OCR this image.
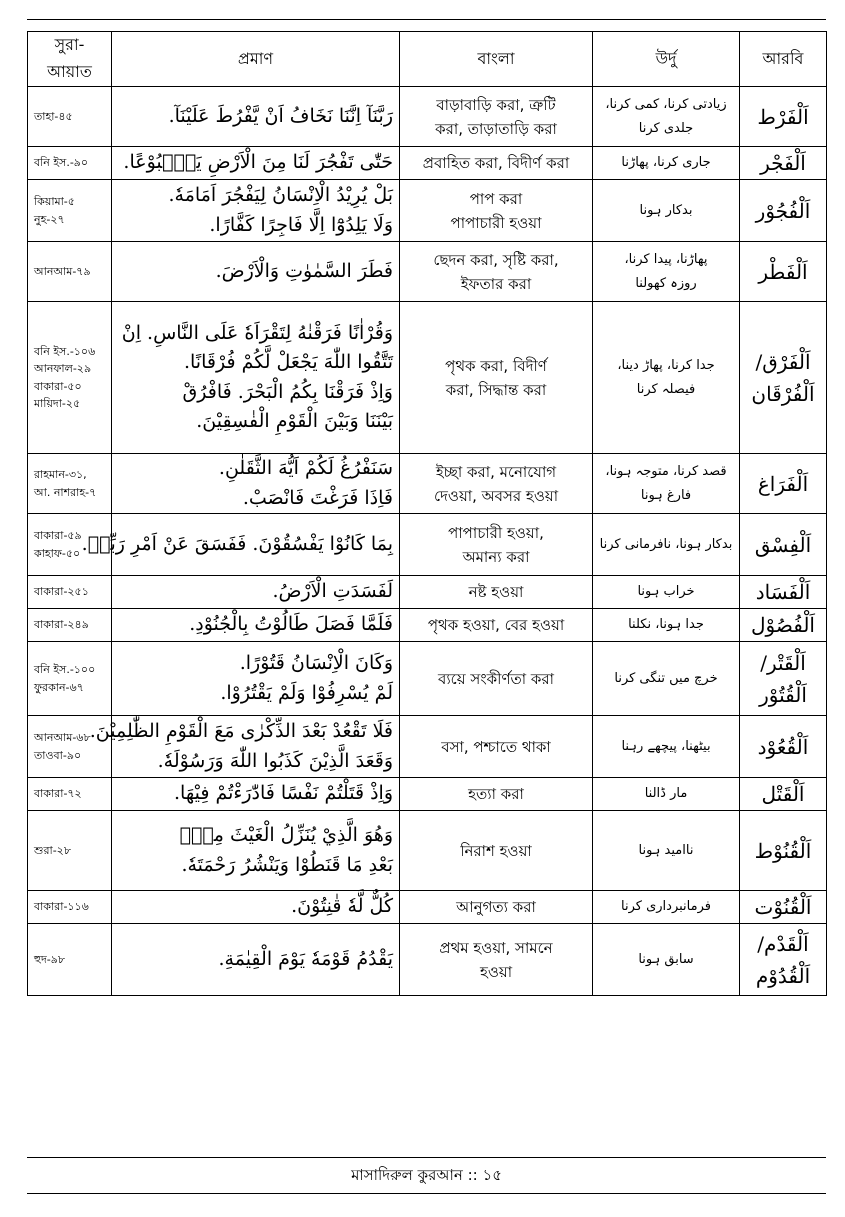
সুরা-আয়াত	প্রমাণ	বাংলা	উর্দু	আরবি

তাহা-৪৫	رَبَّنَآ اِنَّنَا نَخَافُ اَنْ يَّفْرُطَ عَلَيْنَآ.	বাড়াবাড়ি করা, ত্রুটি
করা, তাড়াতাড়ি করা	زیادتی کرنا، کمی کرنا،
جلدی کرنا	اَلْفَرْط

বনি ইস.-৯০	حَتّٰى تَفْجُرَ لَنَا مِنَ الْاَرْضِ يَنْۢبُوْعًا.	প্রবাহিত করা, বিদীর্ণ করা	جاری کرنا، پھاڑنا	اَلْفَجْر

কিয়ামা-৫
নুহ-২৭	بَلْ يُرِيْدُ الْاِنْسَانُ لِيَفْجُرَ اَمَامَهٗ.
وَلَا يَلِدُوْٓا اِلَّا فَاجِرًا كَفَّارًا.	পাপ করা
পাপাচারী হওয়া	بدکار ہونا	اَلْفُجُوْر

আনআম-৭৯	فَطَرَ السَّمٰوٰتِ وَالْاَرْضَ.	ছেদন করা, সৃষ্টি করা,
ইফতার করা	پھاڑنا، پیدا کرنا،
روزہ کھولنا	اَلْفَطْر

বনি ইস.-১০৬
আনফাল-২৯
বাকারা-৫০
মায়িদা-২৫	وَقُرْاٰنًا فَرَقْنٰهُ لِتَقْرَاَهٗ عَلَى النَّاسِ. اِنْ
تَتَّقُوا اللّٰهَ يَجْعَلْ لَّكُمْ فُرْقَانًا.
وَاِذْ فَرَقْنَا بِكُمُ الْبَحْرَ. فَافْرُقْ
بَيْنَنَا وَبَيْنَ الْقَوْمِ الْفٰسِقِيْنَ.	পৃথক করা, বিদীর্ণ
করা, সিদ্ধান্ত করা	جدا کرنا، پھاڑ دینا،
فیصلہ کرنا	اَلْفَرْق/
اَلْفُرْقَان

রাহমান-৩১,
আ. নাশরাহ-৭	سَنَفْرُغُ لَكُمْ اَيُّهَ الثَّقَلٰنِ.
فَاِذَا فَرَغْتَ فَانْصَبْ.	ইচ্ছা করা, মনোযোগ
দেওয়া, অবসর হওয়া	قصد کرنا، متوجہ ہونا،
فارغ ہونا	اَلْفَرَاغ

বাকারা-৫৯
কাহাফ-৫০	بِمَا كَانُوْا يَفْسُقُوْنَ. فَفَسَقَ عَنْ اَمْرِ رَبِّهٖ.	পাপাচারী হওয়া,
অমান্য করা	بدکار ہونا، نافرمانی کرنا	اَلْفِسْق

বাকারা-২৫১	لَفَسَدَتِ الْاَرْضُ.	নষ্ট হওয়া	خراب ہونا	اَلْفَسَاد

বাকারা-২৪৯	فَلَمَّا فَصَلَ طَالُوْتُ بِالْجُنُوْدِ.	পৃথক হওয়া, বের হওয়া	جدا ہونا، نکلنا	اَلْفُصُوْل

বনি ইস.-১০০
ফুরকান-৬৭	وَكَانَ الْاِنْسَانُ قَتُوْرًا.
لَمْ يُسْرِفُوْا وَلَمْ يَقْتُرُوْا.	ব্যয়ে সংকীর্ণতা করা	خرچ میں تنگی کرنا	اَلْقَتْر/
اَلْقُتُوْر

আনআম-৬৮
তাওবা-৯০	فَلَا تَقْعُدْ بَعْدَ الذِّكْرٰى مَعَ الْقَوْمِ الظّٰلِمِيْنَ.
وَقَعَدَ الَّذِيْنَ كَذَبُوا اللّٰهَ وَرَسُوْلَهٗ.	বসা, পশ্চাতে থাকা	بیٹھنا، پیچھے رہنا	اَلْقُعُوْد

বাকারা-৭২	وَاِذْ قَتَلْتُمْ نَفْسًا فَادّٰرَءْتُمْ فِيْهَا.	হত্যা করা	مار ڈالنا	اَلْقَتْل

শুরা-২৮	وَهُوَ الَّذِيْ يُنَزِّلُ الْغَيْثَ مِنْۢ
بَعْدِ مَا قَنَطُوْا وَيَنْشُرُ رَحْمَتَهٗ.	নিরাশ হওয়া	ناامید ہونا	اَلْقُنُوْط

বাকারা-১১৬	كُلٌّ لَّهٗ قٰنِتُوْنَ.	আনুগত্য করা	فرمانبرداری کرنا	اَلْقُنُوْت

হুদ-৯৮	يَقْدُمُ قَوْمَهٗ يَوْمَ الْقِيٰمَةِ.	প্রথম হওয়া, সামনে
হওয়া	سابق ہونا	اَلْقَدْم/
اَلْقُدُوْم
মাসাদিরুল কুরআন :: ১৫
